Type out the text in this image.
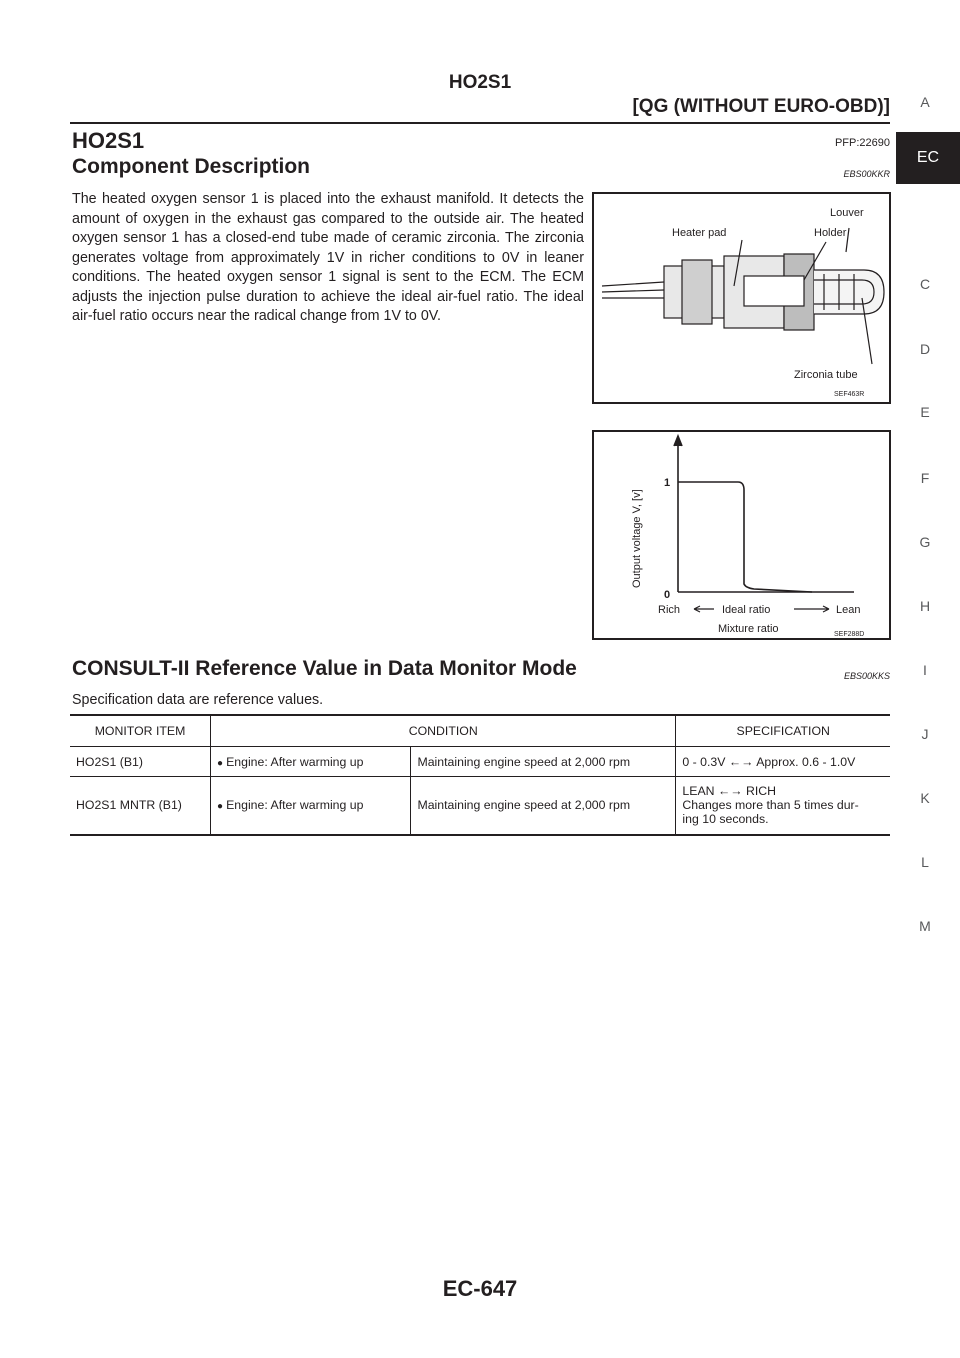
HO2S1
[QG (WITHOUT EURO-OBD)]
HO2S1	PFP:22690
Component Description	EBS00KKR
The heated oxygen sensor 1 is placed into the exhaust manifold. It detects the amount of oxygen in the exhaust gas compared to the outside air. The heated oxygen sensor 1 has a closed-end tube made of ceramic zirconia. The zirconia generates voltage from approximately 1V in richer conditions to 0V in leaner conditions. The heated oxygen sensor 1 signal is sent to the ECM. The ECM adjusts the injection pulse duration to achieve the ideal air-fuel ratio. The ideal air-fuel ratio occurs near the radical change from 1V to 0V.
Heater pad
Louver
Holder
Zirconia tube
SEF463R
Output voltage V, [v]
1
0
Rich	Ideal ratio	Lean
Mixture ratio	SEF288D
CONSULT-II Reference Value in Data Monitor Mode	EBS00KKS
Specification data are reference values.
MONITOR ITEM	CONDITION		SPECIFICATION
HO2S1 (B1)	● Engine: After warming up	Maintaining engine speed at 2,000 rpm	0 - 0.3V ←→ Approx. 0.6 - 1.0V

HO2S1 MNTR (B1)	● Engine: After warming up	Maintaining engine speed at 2,000 rpm	LEAN ←→ RICH
Changes more than 5 times dur-
ing 10 seconds.
A
EC
C
D
E
F
G
H
I
J
K
L
M
EC-647
